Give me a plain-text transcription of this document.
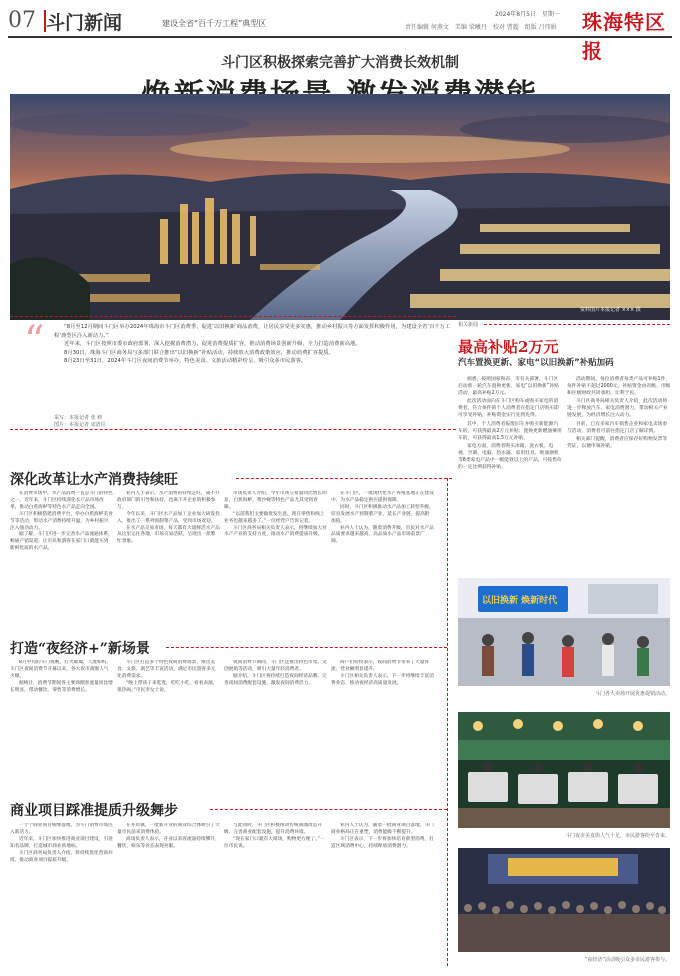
07 斗门新闻	建设全省“百千万工程”典型区
2024年8月5日　星期一
责任编辑 何燕文　美编 梁曦丹　校对 曹超　组版 吕伟娟 珠海特区报
斗门区积极探索完善扩大消费长效机制
资料图片本报记者 ××× 摄
“	“8月至12月期间斗门区举办2024年珠海市斗门区消费季，促进‘以旧换新’商品消费，让居民享受更多实惠，推动乡村振兴等方面发挥积极作用，为建设全省‘百千万工程’典型区注入新动力。”

近年来，斗门区按照市委市政府部署，深入挖掘消费潜力，促进消费提质扩容，推动消费场景创新升级，全力打造消费新高地。

8月30日，珠海斗门区商务局与多部门联合推出“以旧换新”补贴活动，持续放大消费政策效应，推动消费扩容提质。

8月23日至31日，2024年斗门区夜间消费节举办，特色美食、文旅活动精彩纷呈，吸引众多市民游客。

采写：本报记者 张 莉
图片：本报记者 宋清臣
相关新闻
最高补贴2万元
汽车置换更新、家电“以旧换新”补贴加码

据悉，按照国家和省、市有关部署，斗门区启动新一轮汽车置换更新、家电“以旧换新”补贴活动，最高补贴2万元。

此次活动面向在斗门区购车或购买家电的消费者，符合条件的个人消费者在指定门店购买即可享受补贴，补贴资金实行先到先得。

其中，个人消费者报废旧车并购买新能源汽车的，可获得最高2万元补贴；置换更新燃油乘用车的，可获得最高1.5万元补贴。

家电方面，消费者购买冰箱、洗衣机、电视、空调、电脑、热水器、家用灶具、吸油烟机等8类家电产品中一级能效以上的产品，可按售价的一定比例获得补贴。

活动期间，每位消费者每类产品可补贴1件，每件补贴不超过2000元。补贴资金由省级、市级和区级财政共同承担，让利于民。

斗门区商务局相关负责人介绍，此次活动将进一步释放汽车、家电消费潜力，带动相关产业链发展，为经济增长注入动力。

目前，已有多家汽车销售企业和家电卖场参与活动，消费者可前往指定门店了解详情。

相关部门提醒，消费者应保存好购物发票等凭证，以便申领补贴。

以旧换新 焕新时代
斗门各大卖场开展优惠促销活动。
斗门夜市美食街人气十足，市民游客纷至沓来。
“夜经济”活动吸引众多市民游客参与。
深化改革让水产消费持续旺

在消费市场中，水产品消费一直是斗门的特色之一。近年来，斗门区持续深化水产品市场改革，推动白蕉海鲈等特色水产品走向全国。

斗门区积极搭建消费平台，举办白蕉海鲈美食节等活动，带动水产消费持续升温，为乡村振兴注入强劲动力。

据了解，斗门区进一步完善水产品流通体系，畅通产销渠道，让市民和游客在家门口就能买到新鲜优质的水产品。

业内人士表示，水产消费的持续走旺，离不开政府部门的引导和扶持，也离不开企业的积极参与。

今年以来，斗门区水产品加工企业加大研发投入，推出了一系列预制菜产品，受到市场欢迎。

在水产品交易市场，每天都有大量鲜活水产品从这里运往各地，市场交易活跃，呈现出一派繁忙景象。

市场负责人介绍，今年市场交易量同比增长明显，白蕉海鲈、黄沙蚬等特色产品尤其受到青睐。

“以前我们主要做批发生意，现在零售和线上业务也越来越多了。”一位经营户告诉记者。

斗门区商务局相关负责人表示，将继续加大对水产产业的支持力度，推动水产消费提质升级。

在斗门区，一批现代化水产养殖基地正在建设中，为水产品稳定供应提供保障。

同时，斗门区积极推动水产品加工转型升级，培育发展水产预制菜产业，延长产业链，提高附加值。

业内人士认为，随着消费升级，市民对水产品品质要求越来越高，高品质水产品市场前景广阔。

打造“夜经济+”新场景

8月中旬的斗门夜晚，灯火璀璨，人流如织。斗门区夜间消费节开幕以来，各大夜市商圈人气火爆。

据统计，消费节期间各主要商圈客流量同比增长明显，带动餐饮、零售等消费增长。

斗门区打造多个特色夜间消费场景，推出美食、文旅、演艺等丰富活动，满足市民游客多元化消费需求。

“晚上带孩子来逛逛，吃吃小吃，看看表演，很热闹。”市民李女士说。

夜间消费节期间，斗门区还推出特色市集、文创展销等活动，吸引大量年轻消费者。

据介绍，斗门区将持续打造夜间经济品牌，完善夜间消费配套设施，激发夜间消费活力。

商户们纷纷表示，夜间消费节带来了大量客流，营业额明显提升。

斗门区相关负责人表示，下一步将继续丰富消费业态，推动夜经济高质量发展。

商业项目踩准提质升级舞步

一个个商业项目相继落地，为斗门消费市场注入新活力。

近年来，斗门区加快推进商业项目建设，引进知名品牌，打造城市商业新地标。

斗门区商务局负责人介绍，将持续优化营商环境，推动商业项目提质升级。

在井岸镇，一批新开业的商业综合体吸引了大量市民前来消费体验。

商场负责人表示，开业以来客流量持续攀升，餐饮、娱乐等业态表现亮眼。

与此同时，斗门区积极推动传统商圈改造升级，完善商业配套设施，提升消费环境。

“现在家门口就有大商场，购物更方便了。”一位市民说。

业内人士认为，随着一批商业项目落地，斗门商业格局正在重塑，消费能级不断提升。

斗门区表示，下一步将加快培育新型消费，打造区域消费中心，持续释放消费潜力。
